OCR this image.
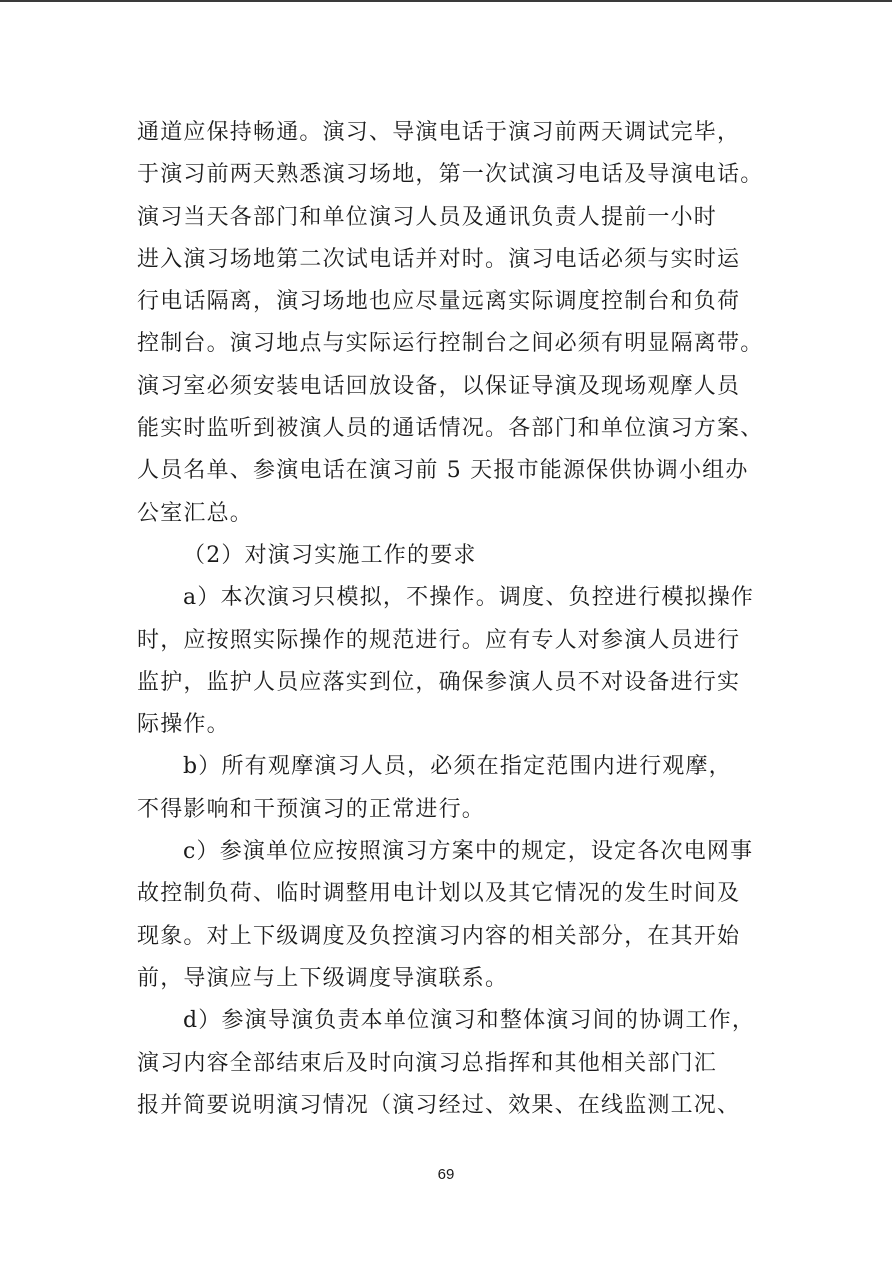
通道应保持畅通。演习、导演电话于演习前两天调试完毕，
于演习前两天熟悉演习场地，第一次试演习电话及导演电话。
演习当天各部门和单位演习人员及通讯负责人提前一小时
进入演习场地第二次试电话并对时。演习电话必须与实时运
行电话隔离，演习场地也应尽量远离实际调度控制台和负荷
控制台。演习地点与实际运行控制台之间必须有明显隔离带。
演习室必须安装电话回放设备，以保证导演及现场观摩人员
能实时监听到被演人员的通话情况。各部门和单位演习方案、
人员名单、参演电话在演习前 5 天报市能源保供协调小组办
公室汇总。
（2）对演习实施工作的要求
a）本次演习只模拟，不操作。调度、负控进行模拟操作
时，应按照实际操作的规范进行。应有专人对参演人员进行
监护，监护人员应落实到位，确保参演人员不对设备进行实
际操作。
b）所有观摩演习人员，必须在指定范围内进行观摩，
不得影响和干预演习的正常进行。
c）参演单位应按照演习方案中的规定，设定各次电网事
故控制负荷、临时调整用电计划以及其它情况的发生时间及
现象。对上下级调度及负控演习内容的相关部分，在其开始
前，导演应与上下级调度导演联系。
d）参演导演负责本单位演习和整体演习间的协调工作，
演习内容全部结束后及时向演习总指挥和其他相关部门汇
报并简要说明演习情况（演习经过、效果、在线监测工况、
69
